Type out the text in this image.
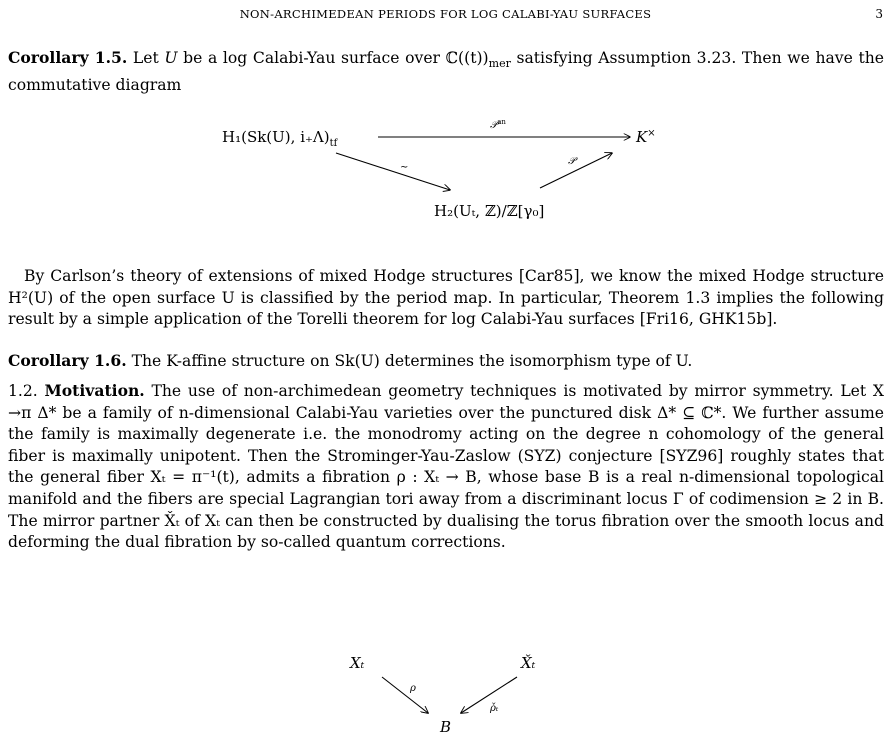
NON-ARCHIMEDEAN PERIODS FOR LOG CALABI-YAU SURFACES	3

Corollary 1.5. Let U be a log Calabi-Yau surface over $ℂ((t))_{mer}$ satisfying Assumption 3.23. Then we have the commutative diagram

H₁(Sk(U), $i_+\Lambda)_{tf}$	K×
𝒫$^{an}$
∼
𝒫
H₂(Uₜ, ℤ)/ℤ[γ₀]
Xₜ	X̌ₜ
B
ρ
ρ̌ₜ

By Carlson’s theory of extensions of mixed Hodge structures [Car85], we know the mixed Hodge structure H²(U) of the open surface U is classified by the period map. In particular, Theorem 1.3 implies the following result by a simple application of the Torelli theorem for log Calabi-Yau surfaces [Fri16, GHK15b].

Corollary 1.6. The K-affine structure on Sk(U) determines the isomorphism type of U.

1.2. Motivation. The use of non-archimedean geometry techniques is motivated by mirror symmetry. Let X →π Δ* be a family of n-dimensional Calabi-Yau varieties over the punctured disk Δ* ⊆ ℂ*. We further assume the family is maximally degenerate i.e. the monodromy acting on the degree n cohomology of the general fiber is maximally unipotent. Then the Strominger-Yau-Zaslow (SYZ) conjecture [SYZ96] roughly states that the general fiber Xₜ = π⁻¹(t), admits a fibration ρ : Xₜ → B, whose base B is a real n-dimensional topological manifold and the fibers are special Lagrangian tori away from a discriminant locus Γ of codimension ≥ 2 in B. The mirror partner X̌ₜ of Xₜ can then be constructed by dualising the torus fibration over the smooth locus and deforming the dual fibration by so-called quantum corrections.
